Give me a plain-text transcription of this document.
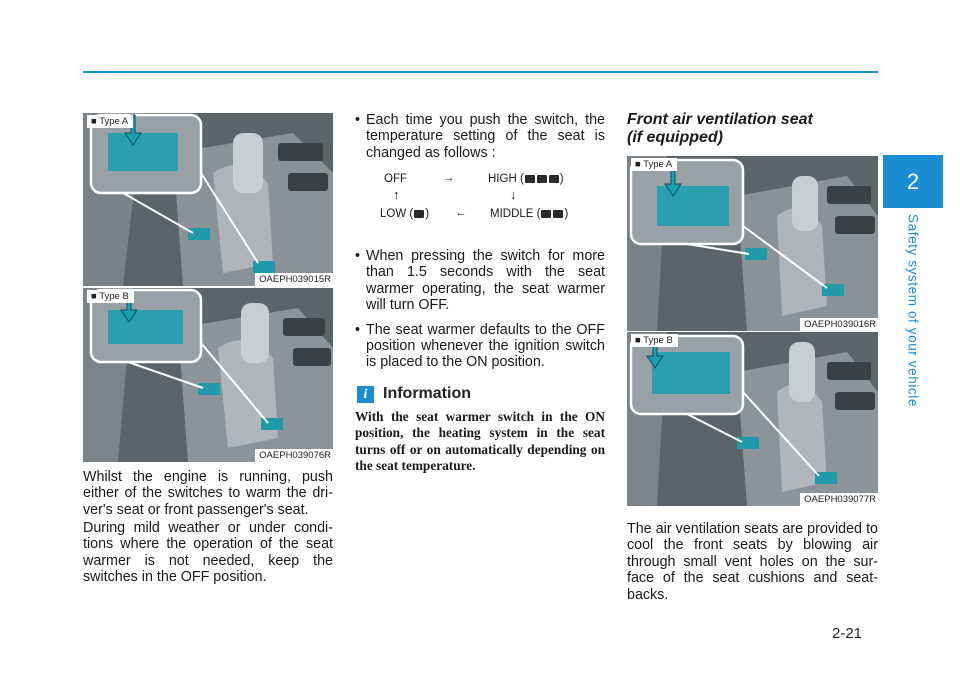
2
Safety system of your vehicle
■ Type A
OAEPH039015R
■ Type B
OAEPH039076R
■ Type A
OAEPH039016R
■ Type B
OAEPH039077R
Whilst the engine is running, push either of the switches to warm the dri- ver's seat or front passenger's seat.
During mild weather or under condi- tions where the operation of the seat warmer is not needed, keep the switches in the OFF position.
• Each time you push the switch, the temperature setting of the seat is changed as follows :
OFF	→	HIGH (	)
↑	↓
LOW ( ) ← MIDDLE ( )
• When pressing the switch for more than 1.5 seconds with the seat warmer operating, the seat warmer will turn OFF.
• The seat warmer defaults to the OFF position whenever the ignition switch is placed to the ON position.
i Information
With the seat warmer switch in the ON position, the heating system in the seat turns off or on automatically depending on the seat temperature.
Front air ventilation seat
(if equipped)
The air ventilation seats are provided to cool the front seats by blowing air through small vent holes on the sur- face of the seat cushions and seat- backs.
2-21
